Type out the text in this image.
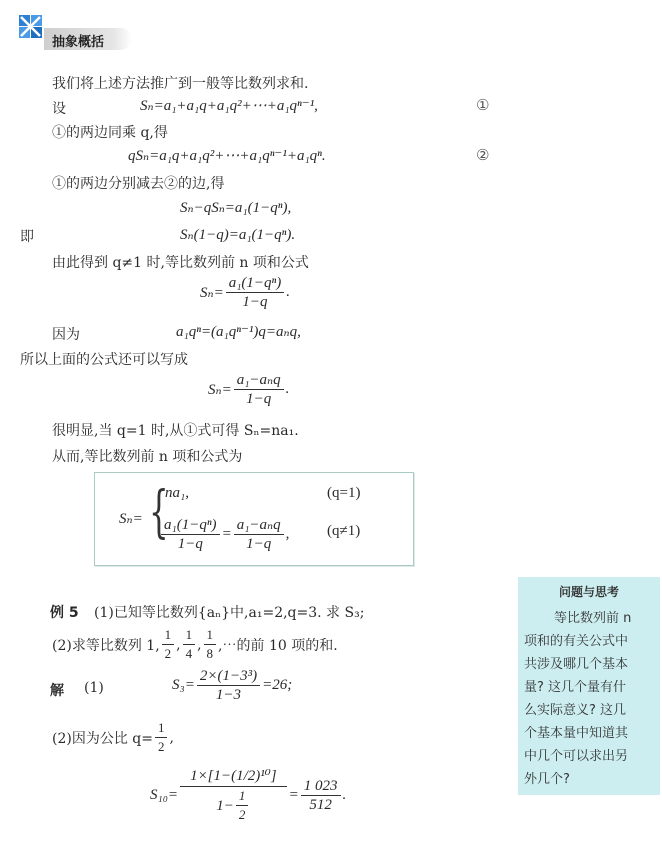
抽象概括
我们将上述方法推广到一般等比数列求和.
设	Sₙ=a₁+a₁q+a₁q²+⋯+a₁qⁿ⁻¹,	①
①的两边同乘 q,得
qSₙ=a₁q+a₁q²+⋯+a₁qⁿ⁻¹+a₁qⁿ.	②
①的两边分别减去②的边,得
Sₙ−qSₙ=a₁(1−qⁿ),
即	Sₙ(1−q)=a₁(1−qⁿ).
由此得到 q≠1 时,等比数列前 n 项和公式
$S_n= \frac{\text{a₁(1−qⁿ)}}{1-q}$ .
因为	a₁qⁿ=(a₁qⁿ⁻¹)q=aₙq,
所以上面的公式还可以写成
$S_n= \frac{\text{a₁−aₙq}}{1-q}$ .
很明显,当 q=1 时,从①式可得 Sₙ=na₁.
从而,等比数列前 n 项和公式为
Sₙ= {
na₁,	(q=1)
$\frac{\text{a₁(1−qⁿ)}}{1-q} = \frac{\text{a₁−aₙq}}{1-q}$ ,	(q≠1)
例 5 (1)已知等比数列{aₙ}中,a₁=2,q=3. 求 S₃;
(2)求等比数列 1, $\frac{1}{2}$ , $\frac{1}{4}$ , $\frac{1}{8}$ ,⋯的前 10 项的和.
解 (1)	$S_3= \frac{\text{2×(1−3³)}}{1-3} =26$;
(2)因为公比 $q= \frac{1}{2}$ ,
$S_{10}= \frac{\text{1×[1−(1/2)¹⁰]}}{1- \frac{1}{2}} = \frac{1 023}{512}$ .
问题与思考
等比数列前 n
项和的有关公式中
共涉及哪几个基本
量? 这几个量有什
么实际意义? 这几
个基本量中知道其
中几个可以求出另
外几个?
